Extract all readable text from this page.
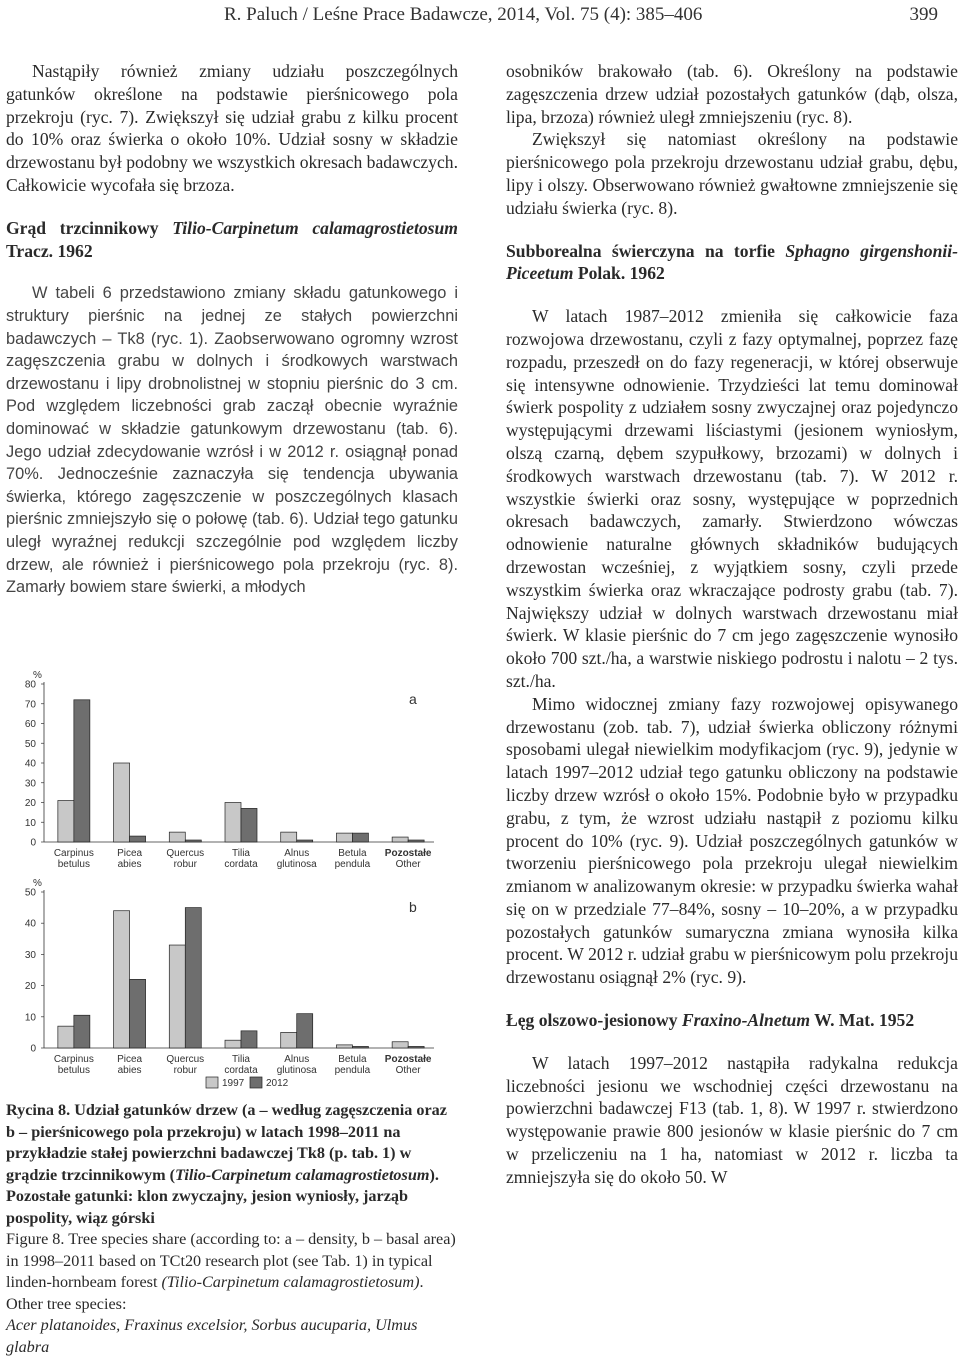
R. Paluch / Leśne Prace Badawcze, 2014, Vol. 75 (4): 385–406	399

Nastąpiły również zmiany udziału poszczególnych gatunków określone na podstawie pierśnicowego pola przekroju (ryc. 7). Zwiększył się udział grabu z kilku procent do 10% oraz świerka o około 10%. Udział sosny w składzie drzewostanu był podobny we wszystkich okresach badawczych. Całkowicie wycofała się brzoza.

Grąd trzcinnikowy Tilio-Carpinetum calamagrostietosum Tracz. 1962

W tabeli 6 przedstawiono zmiany składu gatunkowego i struktury pierśnic na jednej ze stałych powierzchni badawczych – Tk8 (ryc. 1). Zaobserwowano ogromny wzrost zagęszczenia grabu w dolnych i środkowych warstwach drzewostanu i lipy drobnolistnej w stopniu pierśnic do 3 cm. Pod względem liczebności grab zaczął obecnie wyraźnie dominować w składzie gatunkowym drzewostanu (tab. 6). Jego udział zdecydowanie wzrósł i w 2012 r. osiągnął ponad 70%. Jednocześnie zaznaczyła się tendencja ubywania świerka, którego zagęszczenie w poszczególnych klasach pierśnic zmniejszyło się o połowę (tab. 6). Udział tego gatunku uległ wyraźnej redukcji szczególnie pod względem liczby drzew, ale również i pierśnicowego pola przekroju (ryc. 8). Zamarły bowiem stare świerki, a młodych

%
0
10
20
30
40
50
60
70
80
a
Carpinus
betulus
Picea
abies
Quercus
robur
Tilia
cordata
Alnus
glutinosa
Betula
pendula
Pozostałe
Other
%
0
10
20
30
40
50
b
Carpinus
betulus
Picea
abies
Quercus
robur
Tilia
cordata
Alnus
glutinosa
Betula
pendula
Pozostałe
Other
1997 2012

Rycina 8. Udział gatunków drzew (a – według zagęszczenia oraz b – pierśnicowego pola przekroju) w latach 1998–2011 na przykładzie stałej powierzchni badawczej Tk8 (p. tab. 1) w grądzie trzcinnikowym (Tilio-Carpinetum calamagrostietosum). Pozostałe gatunki: klon zwyczajny, jesion wyniosły, jarząb pospolity, wiąz górski

Figure 8. Tree species share (according to: a – density, b – basal area) in 1998–2011 based on TCt20 research plot (see Tab. 1) in typical linden-hornbeam forest (Tilio-Carpinetum calamagrostietosum). Other tree species:
Acer platanoides, Fraxinus excelsior, Sorbus aucuparia, Ulmus glabra

osobników brakowało (tab. 6). Określony na podstawie zagęszczenia drzew udział pozostałych gatunków (dąb, olsza, lipa, brzoza) również uległ zmniejszeniu (ryc. 8).

Zwiększył się natomiast określony na podstawie pierśnicowego pola przekroju drzewostanu udział grabu, dębu, lipy i olszy. Obserwowano również gwałtowne zmniejszenie się udziału świerka (ryc. 8).

Subborealna świerczyna na torfie Sphagno girgenshonii-Piceetum Polak. 1962

W latach 1987–2012 zmieniła się całkowicie faza rozwojowa drzewostanu, czyli z fazy optymalnej, poprzez fazę rozpadu, przeszedł on do fazy regeneracji, w której obserwuje się intensywne odnowienie. Trzydzieści lat temu dominował świerk pospolity z udziałem sosny zwyczajnej oraz pojedynczo występującymi drzewami liściastymi (jesionem wyniosłym, olszą czarną, dębem szypułkowy, brzozami) w dolnych i środkowych warstwach drzewostanu (tab. 7). W 2012 r. wszystkie świerki oraz sosny, występujące w poprzednich okresach badawczych, zamarły. Stwierdzono wówczas odnowienie naturalne głównych składników budujących drzewostan wcześniej, z wyjątkiem sosny, czyli przede wszystkim świerka oraz wkraczające podrosty grabu (tab. 7). Największy udział w dolnych warstwach drzewostanu miał świerk. W klasie pierśnic do 7 cm jego zagęszczenie wynosiło około 700 szt./ha, a warstwie niskiego podrostu i nalotu – 2 tys. szt./ha.

Mimo widocznej zmiany fazy rozwojowej opisywanego drzewostanu (zob. tab. 7), udział świerka obliczony różnymi sposobami ulegał niewielkim modyfikacjom (ryc. 9), jedynie w latach 1997–2012 udział tego gatunku obliczony na podstawie liczby drzew wzrósł o około 15%. Podobnie było w przypadku grabu, z tym, że wzrost udziału nastąpił z poziomu kilku procent do 10% (ryc. 9). Udział poszczególnych gatunków w tworzeniu pierśnicowego pola przekroju ulegał niewielkim zmianom w analizowanym okresie: w przypadku świerka wahał się on w przedziale 77–84%, sosny – 10–20%, a w przypadku pozostałych gatunków sumaryczna zmiana wynosiła kilka procent. W 2012 r. udział grabu w pierśnicowym polu przekroju drzewostanu osiągnął 2% (ryc. 9).

Łęg olszowo-jesionowy Fraxino-Alnetum W. Mat. 1952

W latach 1997–2012 nastąpiła radykalna redukcja liczebności jesionu we wschodniej części drzewostanu na powierzchni badawczej F13 (tab. 1, 8). W 1997 r. stwierdzono występowanie prawie 800 jesionów w klasie pierśnic do 7 cm w przeliczeniu na 1 ha, natomiast w 2012 r. liczba ta zmniejszyła się do około 50. W
